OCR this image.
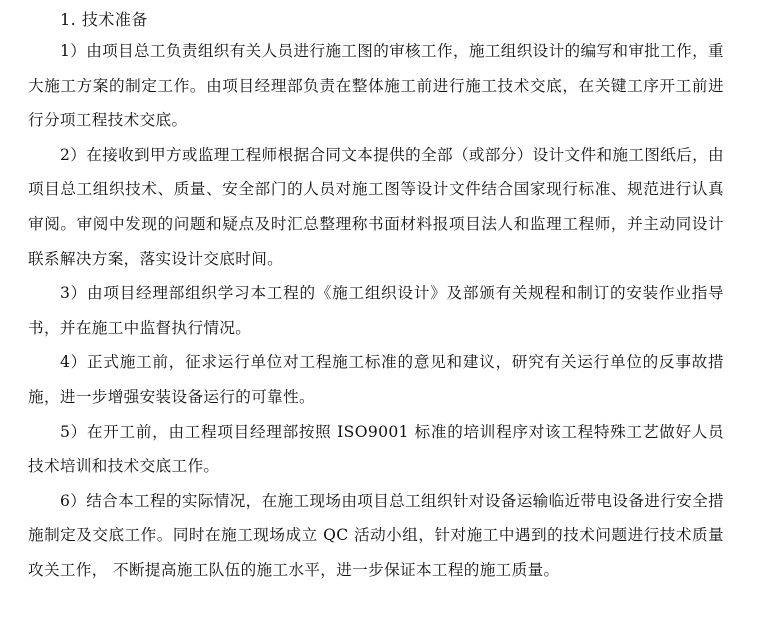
1. 技术准备

1）由项目总工负责组织有关人员进行施工图的审核工作，施工组织设计的编写和审批工作，重大施工方案的制定工作。由项目经理部负责在整体施工前进行施工技术交底，在关键工序开工前进行分项工程技术交底。

2）在接收到甲方或监理工程师根据合同文本提供的全部（或部分）设计文件和施工图纸后，由项目总工组织技术、质量、安全部门的人员对施工图等设计文件结合国家现行标准、规范进行认真审阅。审阅中发现的问题和疑点及时汇总整理称书面材料报项目法人和监理工程师，并主动同设计联系解决方案，落实设计交底时间。

3）由项目经理部组织学习本工程的《施工组织设计》及部颁有关规程和制订的安装作业指导书，并在施工中监督执行情况。

4）正式施工前，征求运行单位对工程施工标准的意见和建议，研究有关运行单位的反事故措施，进一步增强安装设备运行的可靠性。

5）在开工前，由工程项目经理部按照 ISO9001 标准的培训程序对该工程特殊工艺做好人员技术培训和技术交底工作。

6）结合本工程的实际情况，在施工现场由项目总工组织针对设备运输临近带电设备进行安全措施制定及交底工作。同时在施工现场成立 QC 活动小组，针对施工中遇到的技术问题进行技术质量攻关工作， 不断提高施工队伍的施工水平，进一步保证本工程的施工质量。
